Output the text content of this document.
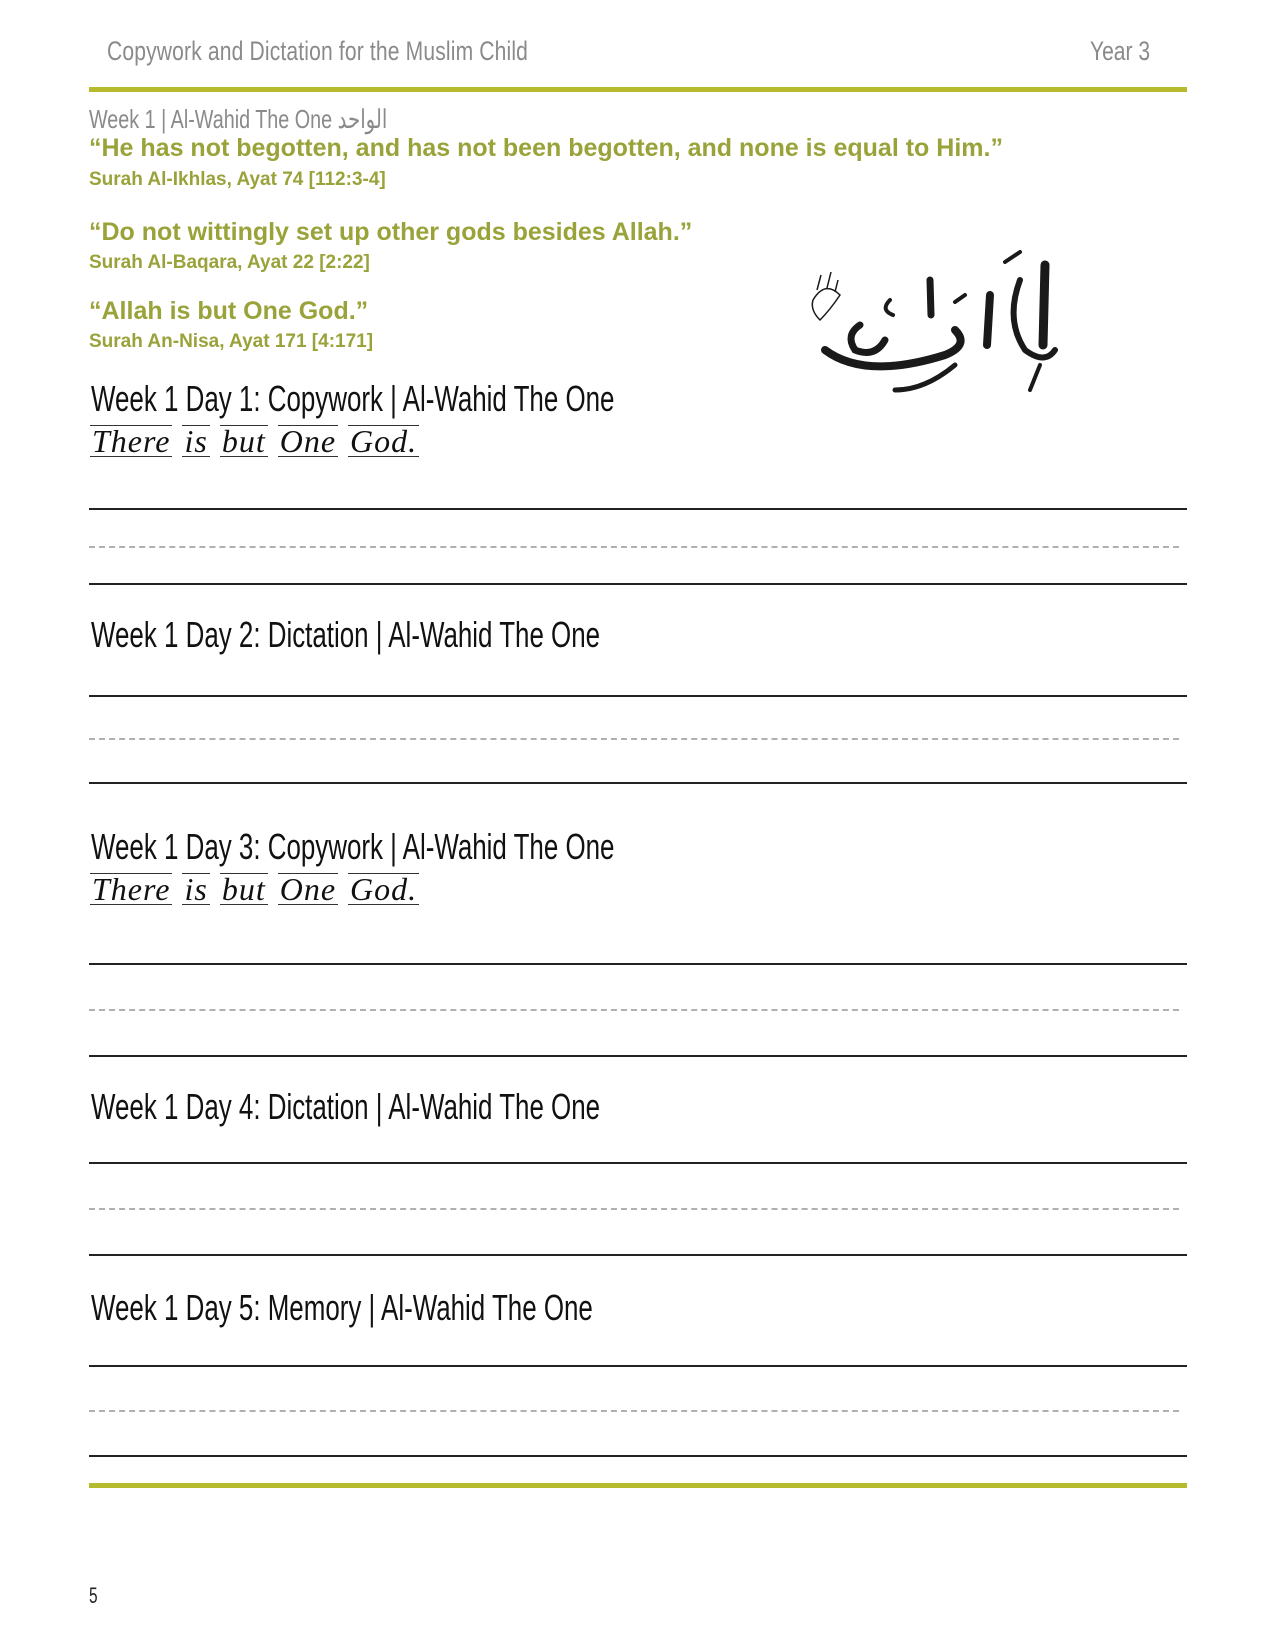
Copywork and Dictation for the Muslim Child	Year 3
Week 1 | Al-Wahid The One الواحد
“He has not begotten, and has not been begotten, and none is equal to Him.”
Surah Al-Ikhlas, Ayat 74 [112:3-4]
“Do not wittingly set up other gods besides Allah.”
Surah Al-Baqara, Ayat 22 [2:22]
“Allah is but One God.”
Surah An-Nisa, Ayat 171 [4:171]
Week 1 Day 1: Copywork | Al-Wahid The One
There is but One God.
Week 1 Day 2: Dictation | Al-Wahid The One
Week 1 Day 3: Copywork | Al-Wahid The One
There is but One God.
Week 1 Day 4: Dictation | Al-Wahid The One
Week 1 Day 5: Memory | Al-Wahid The One
5
